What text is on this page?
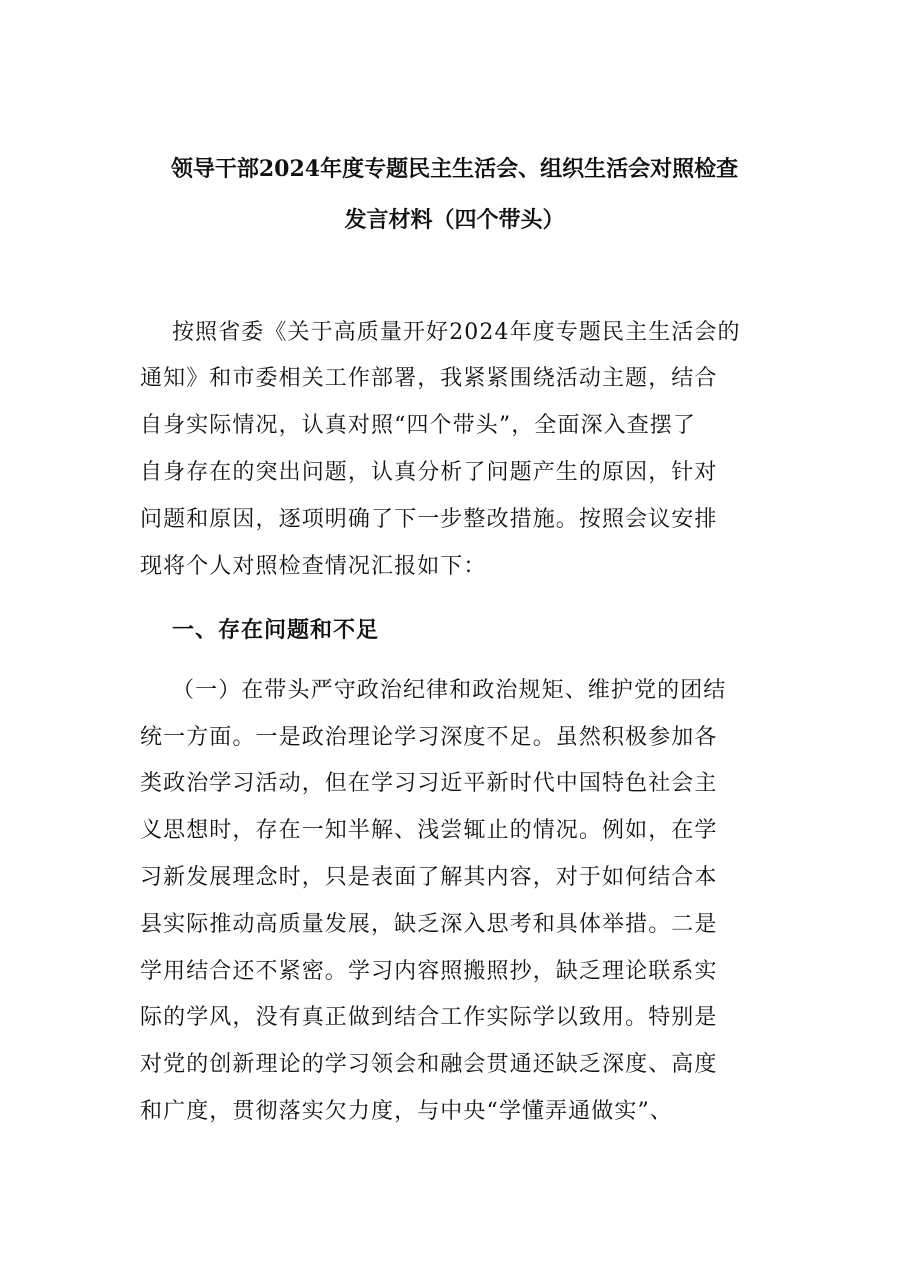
领导干部2024年度专题民主生活会、组织生活会对照检查
发言材料（四个带头）

按照省委《关于高质量开好2024年度专题民主生活会的

通知》和市委相关工作部署，我紧紧围绕活动主题，结合

自身实际情况，认真对照“四个带头”，全面深入查摆了

自身存在的突出问题，认真分析了问题产生的原因，针对

问题和原因，逐项明确了下一步整改措施。按照会议安排

现将个人对照检查情况汇报如下：

一、存在问题和不足

（一）在带头严守政治纪律和政治规矩、维护党的团结

统一方面。一是政治理论学习深度不足。虽然积极参加各

类政治学习活动，但在学习习近平新时代中国特色社会主

义思想时，存在一知半解、浅尝辄止的情况。例如，在学

习新发展理念时，只是表面了解其内容，对于如何结合本

县实际推动高质量发展，缺乏深入思考和具体举措。二是

学用结合还不紧密。学习内容照搬照抄，缺乏理论联系实

际的学风，没有真正做到结合工作实际学以致用。特别是

对党的创新理论的学习领会和融会贯通还缺乏深度、高度

和广度，贯彻落实欠力度，与中央“学懂弄通做实”、
